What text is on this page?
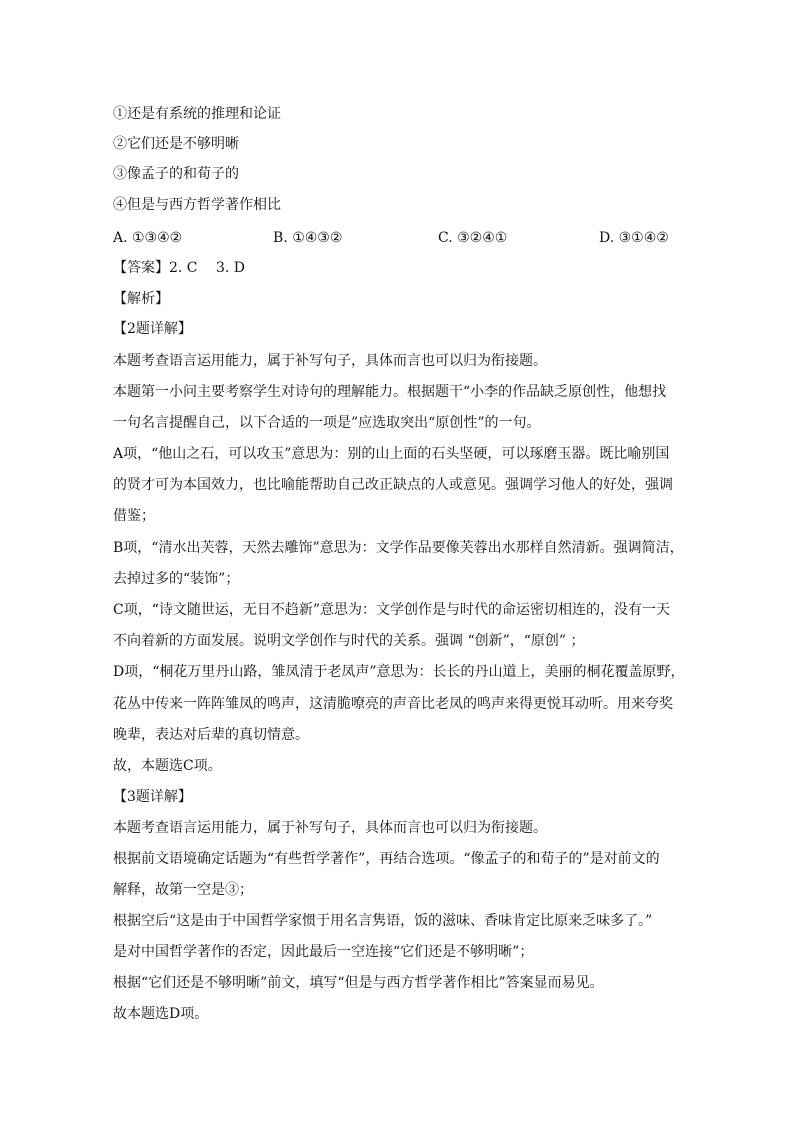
①还是有系统的推理和论证
②它们还是不够明晰
③像孟子的和荀子的
④但是与西方哲学著作相比
A. ①③④②	B. ①④③②	C. ③②④①	D. ③①④②
【答案】2. C　 3. D
【解析】
【2题详解】
本题考查语言运用能力，属于补写句子，具体而言也可以归为衔接题。
本题第一小问主要考察学生对诗句的理解能力。根据题干“小李的作品缺乏原创性，他想找
一句名言提醒自己，以下合适的一项是”应选取突出“原创性”的一句。
A项，“他山之石，可以攻玉”意思为：别的山上面的石头坚硬，可以琢磨玉器。既比喻别国
的贤才可为本国效力，也比喻能帮助自己改正缺点的人或意见。强调学习他人的好处，强调
借鉴；
B项，“清水出芙蓉，天然去雕饰”意思为：文学作品要像芙蓉出水那样自然清新。强调简洁，
去掉过多的“装饰”；
C项，“诗文随世运，无日不趋新”意思为：文学创作是与时代的命运密切相连的，没有一天
不向着新的方面发展。说明文学创作与时代的关系。强调 “创新”，“原创” ；
D项，“桐花万里丹山路，雏凤清于老凤声”意思为：长长的丹山道上，美丽的桐花覆盖原野，
花丛中传来一阵阵雏凤的鸣声，这清脆嘹亮的声音比老凤的鸣声来得更悦耳动听。用来夸奖
晚辈，表达对后辈的真切情意。
故，本题选C项。
【3题详解】
本题考查语言运用能力，属于补写句子，具体而言也可以归为衔接题。
根据前文语境确定话题为“有些哲学著作”，再结合选项。“像孟子的和荀子的”是对前文的
解释，故第一空是③；
根据空后“这是由于中国哲学家惯于用名言隽语，饭的滋味、香味肯定比原来乏味多了。”
是对中国哲学著作的否定，因此最后一空连接“它们还是不够明晰”；
根据“它们还是不够明晰”前文，填写“但是与西方哲学著作相比”答案显而易见。
故本题选D项。
